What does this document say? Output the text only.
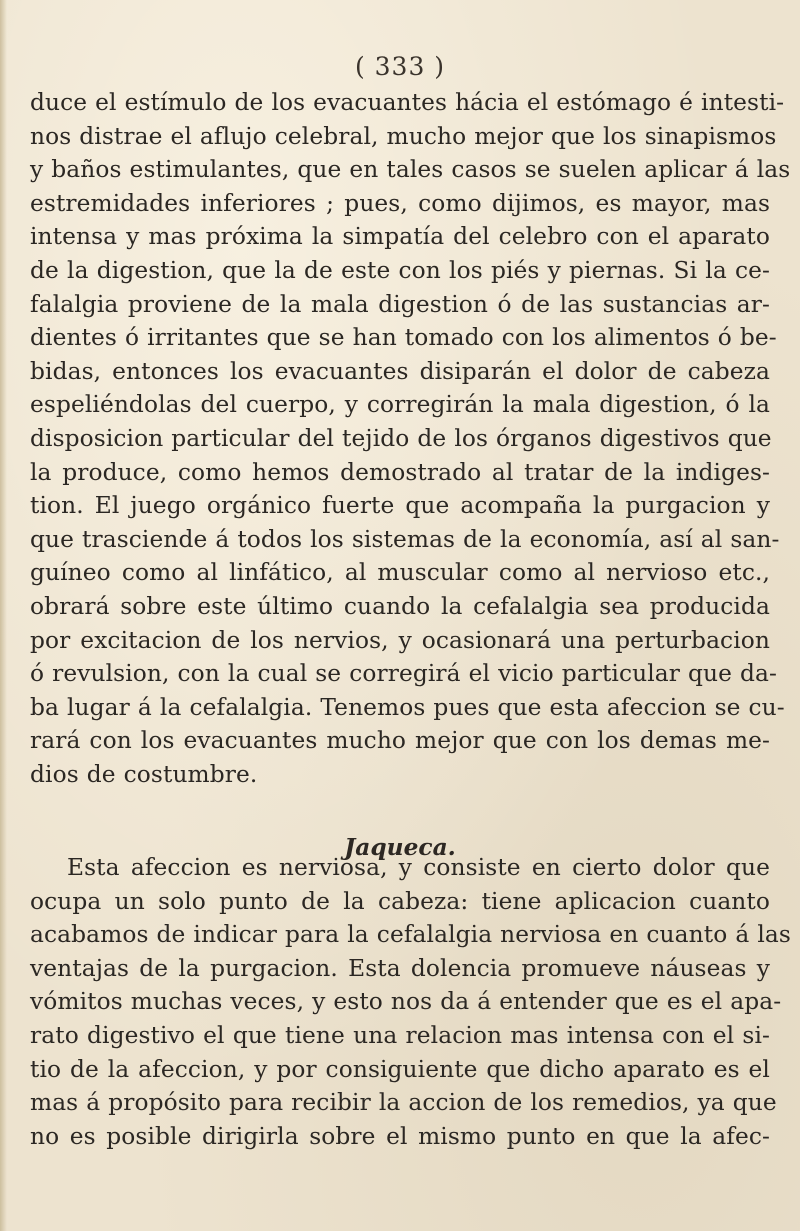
( 333 )

duce el estímulo de los evacuantes hácia el estómago é intesti-
nos distrae el aflujo celebral, mucho mejor que los sinapismos
y baños estimulantes, que en tales casos se suelen aplicar á las
estremidades inferiores ; pues, como dijimos, es mayor, mas
intensa y mas próxima la simpatía del celebro con el aparato
de la digestion, que la de este con los piés y piernas. Si la ce-
falalgia proviene de la mala digestion ó de las sustancias ar-
dientes ó irritantes que se han tomado con los alimentos ó be-
bidas, entonces los evacuantes disiparán el dolor de cabeza
espeliéndolas del cuerpo, y corregirán la mala digestion, ó la
disposicion particular del tejido de los órganos digestivos que
la produce, como hemos demostrado al tratar de la indiges-
tion. El juego orgánico fuerte que acompaña la purgacion y
que trasciende á todos los sistemas de la economía, así al san-
guíneo como al linfático, al muscular como al nervioso etc.,
obrará sobre este último cuando la cefalalgia sea producida
por excitacion de los nervios, y ocasionará una perturbacion
ó revulsion, con la cual se corregirá el vicio particular que da-
ba lugar á la cefalalgia. Tenemos pues que esta afeccion se cu-
rará con los evacuantes mucho mejor que con los demas me-
dios de costumbre.

Jaqueca.

Esta afeccion es nerviosa, y consiste en cierto dolor que
ocupa un solo punto de la cabeza: tiene aplicacion cuanto
acabamos de indicar para la cefalalgia nerviosa en cuanto á las
ventajas de la purgacion. Esta dolencia promueve náuseas y
vómitos muchas veces, y esto nos da á entender que es el apa-
rato digestivo el que tiene una relacion mas intensa con el si-
tio de la afeccion, y por consiguiente que dicho aparato es el
mas á propósito para recibir la accion de los remedios, ya que
no es posible dirigirla sobre el mismo punto en que la afec-
